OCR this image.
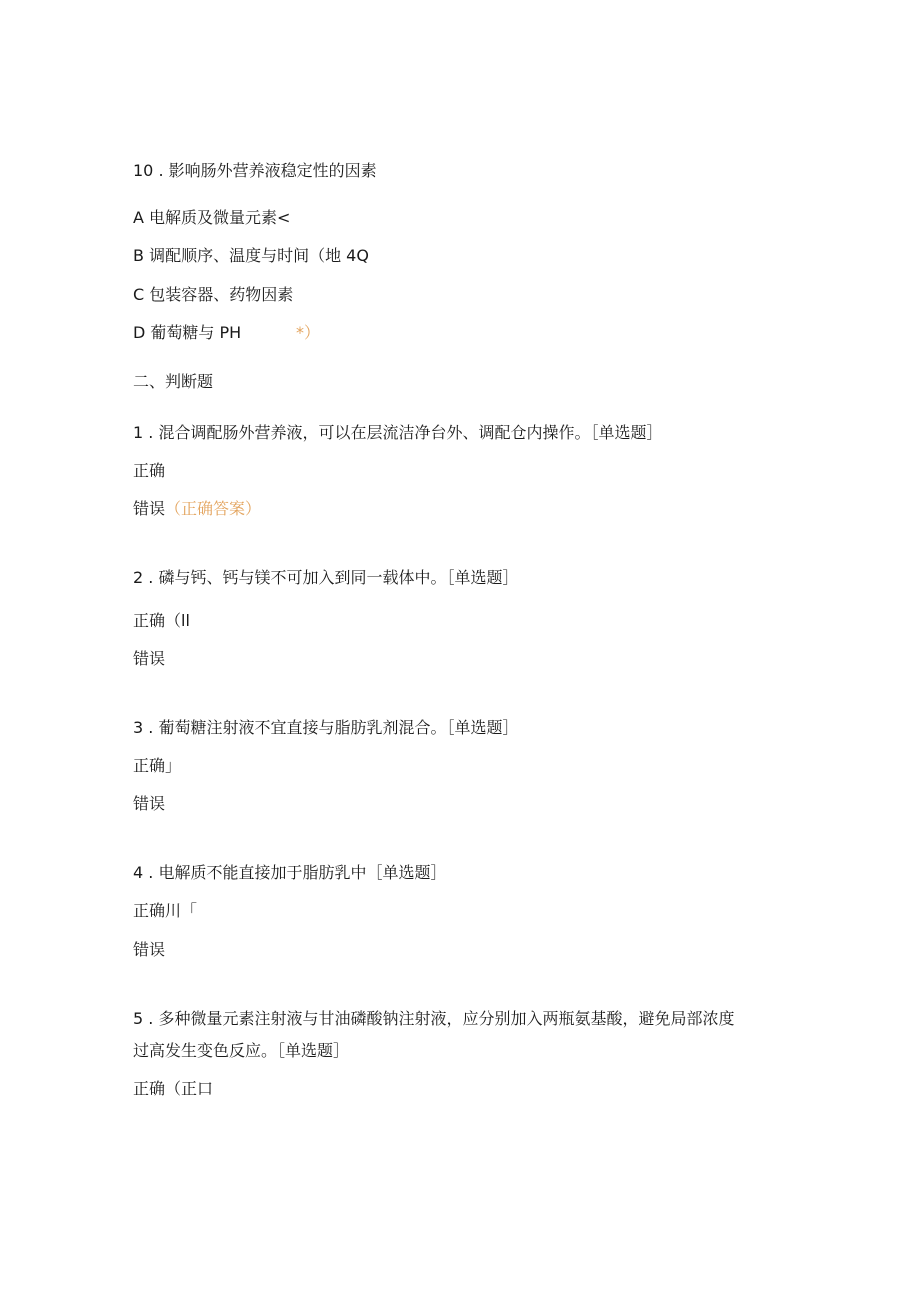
10 . 影响肠外营养液稳定性的因素
A 电解质及微量元素<
B 调配顺序、温度与时间（地 4Q
C 包装容器、药物因素
D 葡萄糖与 PH	*）
二、判断题
1 . 混合调配肠外营养液，可以在层流洁净台外、调配仓内操作。［单选题］
正确
错误（正确答案）
2 . 磷与钙、钙与镁不可加入到同一载体中。［单选题］
正确（ll
错误
3 . 葡萄糖注射液不宜直接与脂肪乳剂混合。［单选题］
正确」
错误
4 . 电解质不能直接加于脂肪乳中［单选题］
正确川「
错误
5 . 多种微量元素注射液与甘油磷酸钠注射液，应分别加入两瓶氨基酸，避免局部浓度
过高发生变色反应。［单选题］
正确（正口
